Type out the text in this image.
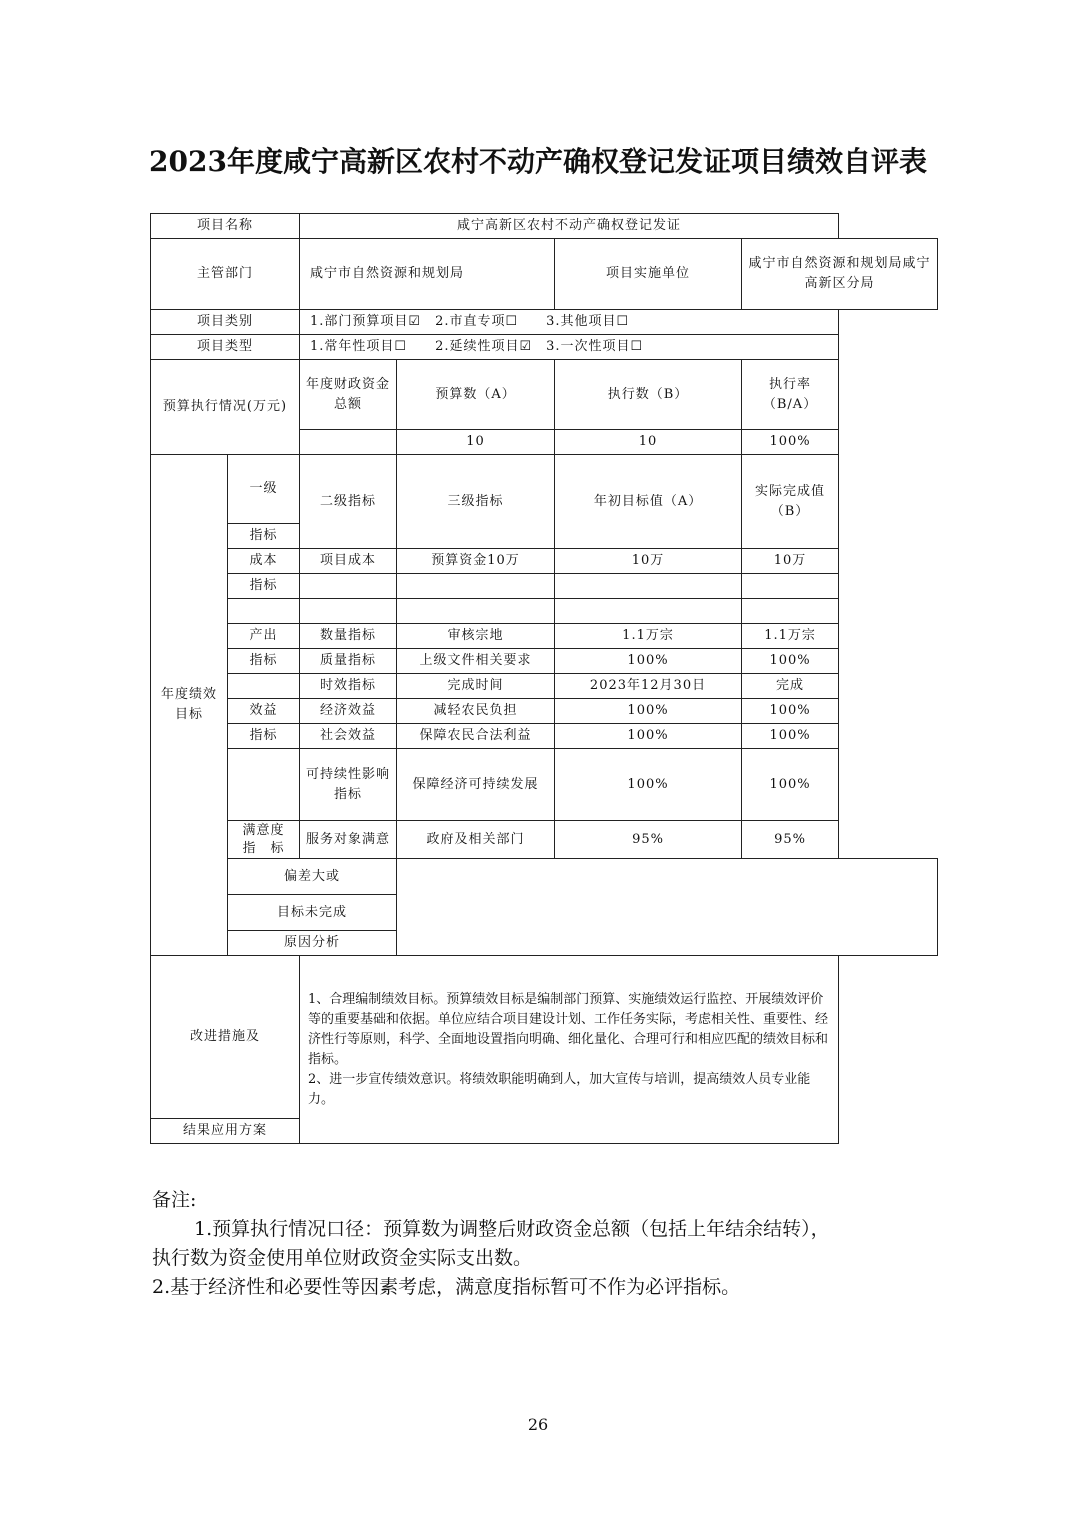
2023年度咸宁高新区农村不动产确权登记发证项目绩效自评表
项目名称		咸宁高新区农村不动产确权登记发证			
主管部门		咸宁市自然资源和规划局		项目实施单位	咸宁市自然资源和规划局咸宁高新区分局
项目类别		1.部门预算项目☑　2.市直专项☐　　3.其他项目☐			
项目类型		1.常年性项目☐　　2.延续性项目☑　3.一次性项目☐			
预算执行情况(万元)		年度财政资金总额	预算数（A）	执行数（B）	执行率（B/A）
			10	10	100%
年度绩效目标	一级	二级指标	三级指标	年初目标值（A）	实际完成值（B）
	指标				
	成本	项目成本	预算资金10万	10万	10万
	指标				

	产出	数量指标	审核宗地	1.1万宗	1.1万宗
	指标	质量指标	上级文件相关要求	100%	100%
		时效指标	完成时间	2023年12月30日	完成
	效益	经济效益	减轻农民负担	100%	100%
	指标	社会效益	保障农民合法利益	100%	100%
		可持续性影响指标	保障经济可持续发展	100%	100%
	满意度
指　标	服务对象满意	政府及相关部门	95%	95%
	偏差大或				
	目标未完成				
	原因分析				
改进措施及		1、合理编制绩效目标。预算绩效目标是编制部门预算、实施绩效运行监控、开展绩效评价等的重要基础和依据。单位应结合项目建设计划、工作任务实际，考虑相关性、重要性、经济性行等原则，科学、全面地设置指向明确、细化量化、合理可行和相应匹配的绩效目标和指标。
2、进一步宣传绩效意识。将绩效职能明确到人，加大宣传与培训，提高绩效人员专业能力。			

结果应用方案					

备注:

1.预算执行情况口径：预算数为调整后财政资金总额（包括上年结余结转），

执行数为资金使用单位财政资金实际支出数。

2.基于经济性和必要性等因素考虑，满意度指标暂可不作为必评指标。

26
